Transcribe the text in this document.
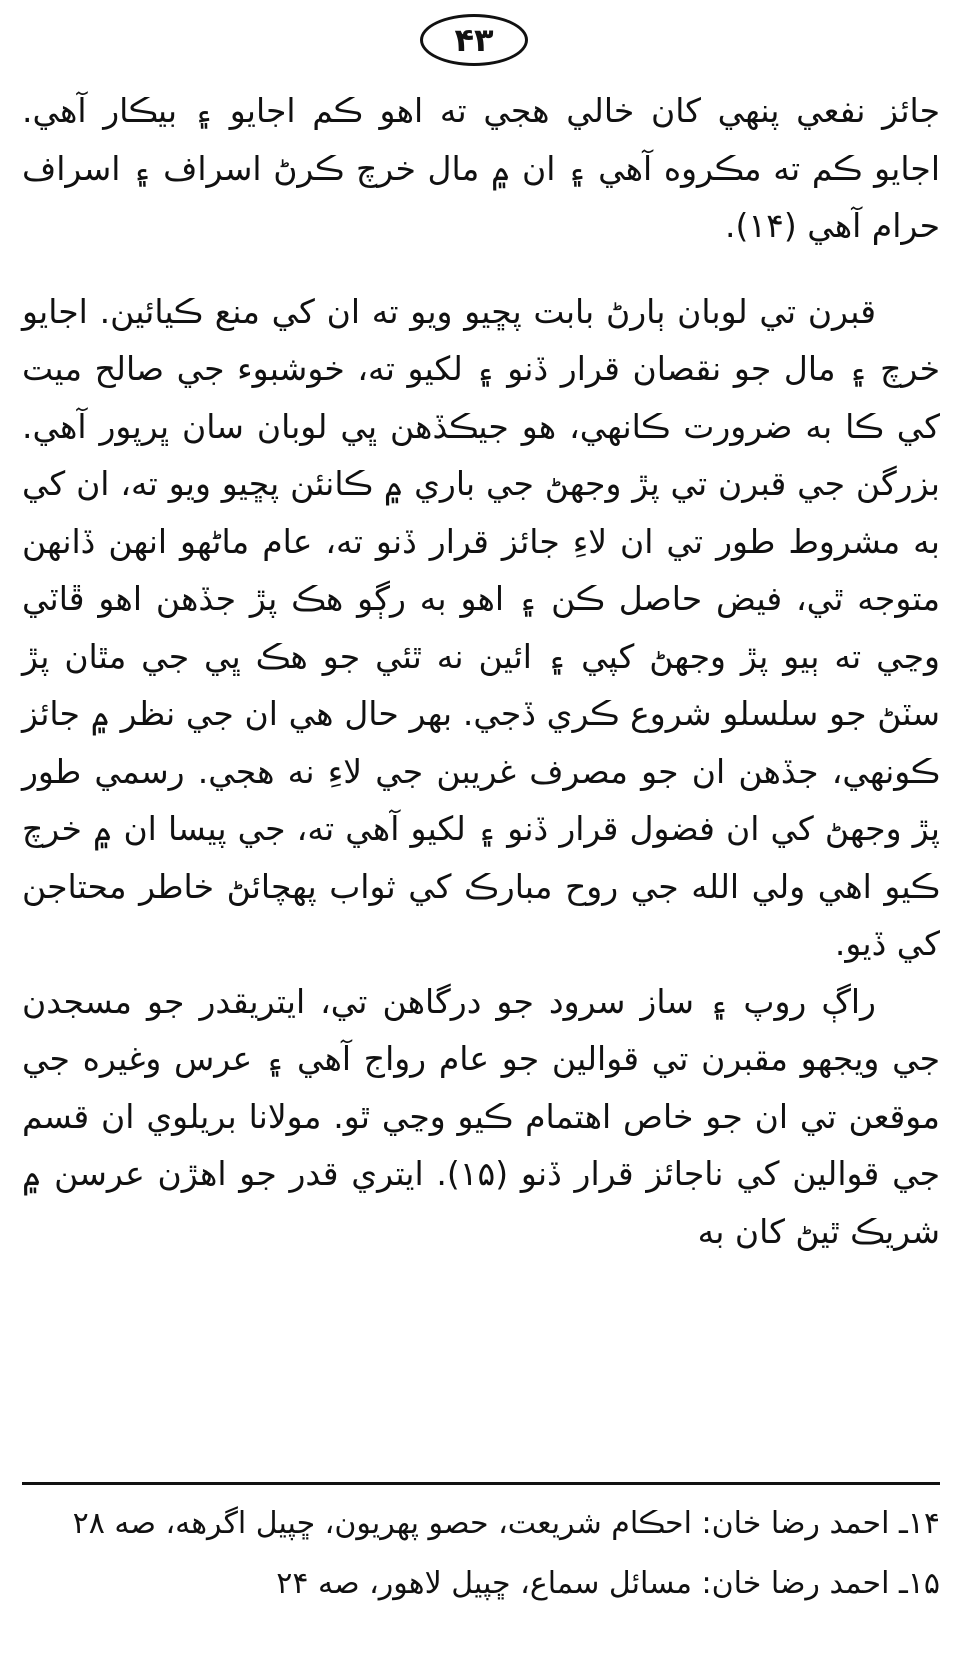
۴۳

جائز نفعي پنهي کان خالي هجي ته اهو ڪم اجايو ۽ بيڪار آهي. اجايو ڪم ته مڪروه آهي ۽ ان ۾ مال خرچ ڪرڻ اسراف ۽ اسراف حرام آهي (۱۴).

قبرن تي لوبان ٻارڻ بابت پڇيو ويو ته ان کي منع ڪيائين. اجايو خرچ ۽ مال جو نقصان قرار ڏنو ۽ لکيو ته، خوشبوء جي صالح ميت کي ڪا به ضرورت ڪانهي، هو جيڪڏهن ڀي لوبان سان ڀرپور آهي. بزرگن جي قبرن تي پڙ وجهڻ جي باري ۾ ڪانئن پڇيو ويو ته، ان کي به مشروط طور تي ان لاءِ جائز قرار ڏنو ته، عام ماڻهو انهن ڏانهن متوجه ٿي، فيض حاصل ڪن ۽ اهو به رڳو هڪ پڙ جڏهن اهو ڦاٽي وڃي ته ٻيو پڙ وجهڻ کپي ۽ ائين نه ٿئي جو هڪ ڀي جي مٿان پڙ سٽڻ جو سلسلو شروع ڪري ڏجي. بهر حال هي ان جي نظر ۾ جائز ڪونهي، جڏهن ان جو مصرف غريبن جي لاءِ نه هجي. رسمي طور پڙ وجهڻ کي ان فضول قرار ڏنو ۽ لکيو آهي ته، جي پيسا ان ۾ خرچ ڪيو اهي ولي الله جي روح مبارڪ کي ثواب پهچائڻ خاطر محتاجن کي ڏيو.

راڳ روپ ۽ ساز سرود جو درگاهن تي، ايتريقدر جو مسجدن جي ويجهو مقبرن تي قوالين جو عام رواج آهي ۽ عرس وغيره جي موقعن تي ان جو خاص اهتمام ڪيو وڃي ٿو. مولانا بريلوي ان قسم جي قوالين کي ناجائز قرار ڏنو (۱۵). ايتري قدر جو اهڙن عرسن ۾ شريڪ ٿيڻ کان به

۱۴ـ احمد رضا خان: احڪام شريعت، حصو پهريون، ڇپيل اگرهه، صه ۲۸

۱۵ـ احمد رضا خان: مسائل سماع، ڇپيل لاهور، صه ۲۴
